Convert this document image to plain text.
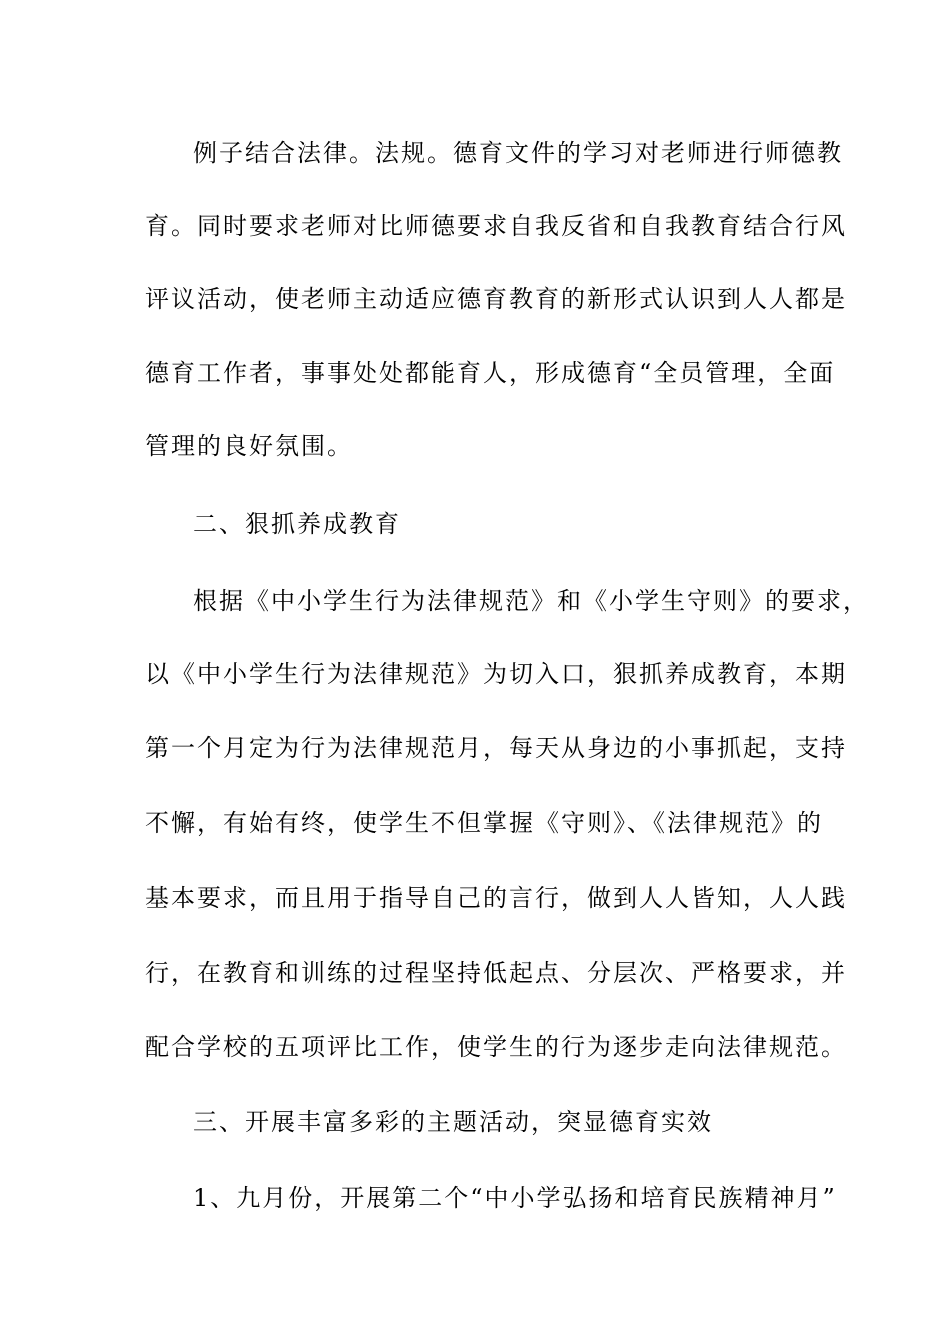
例子结合法律。法规。德育文件的学习对老师进行师德教
育。同时要求老师对比师德要求自我反省和自我教育结合行风
评议活动，使老师主动适应德育教育的新形式认识到人人都是
德育工作者，事事处处都能育人，形成德育“全员管理，全面
管理的良好氛围。
二、狠抓养成教育
根据《中小学生行为法律规范》和《小学生守则》的要求，
以《中小学生行为法律规范》为切入口，狠抓养成教育，本期
第一个月定为行为法律规范月，每天从身边的小事抓起，支持
不懈，有始有终，使学生不但掌握《守则》、《法律规范》的
基本要求，而且用于指导自己的言行，做到人人皆知，人人践
行，在教育和训练的过程坚持低起点、分层次、严格要求，并
配合学校的五项评比工作，使学生的行为逐步走向法律规范。
三、开展丰富多彩的主题活动，突显德育实效
1、九月份，开展第二个“中小学弘扬和培育民族精神月”
